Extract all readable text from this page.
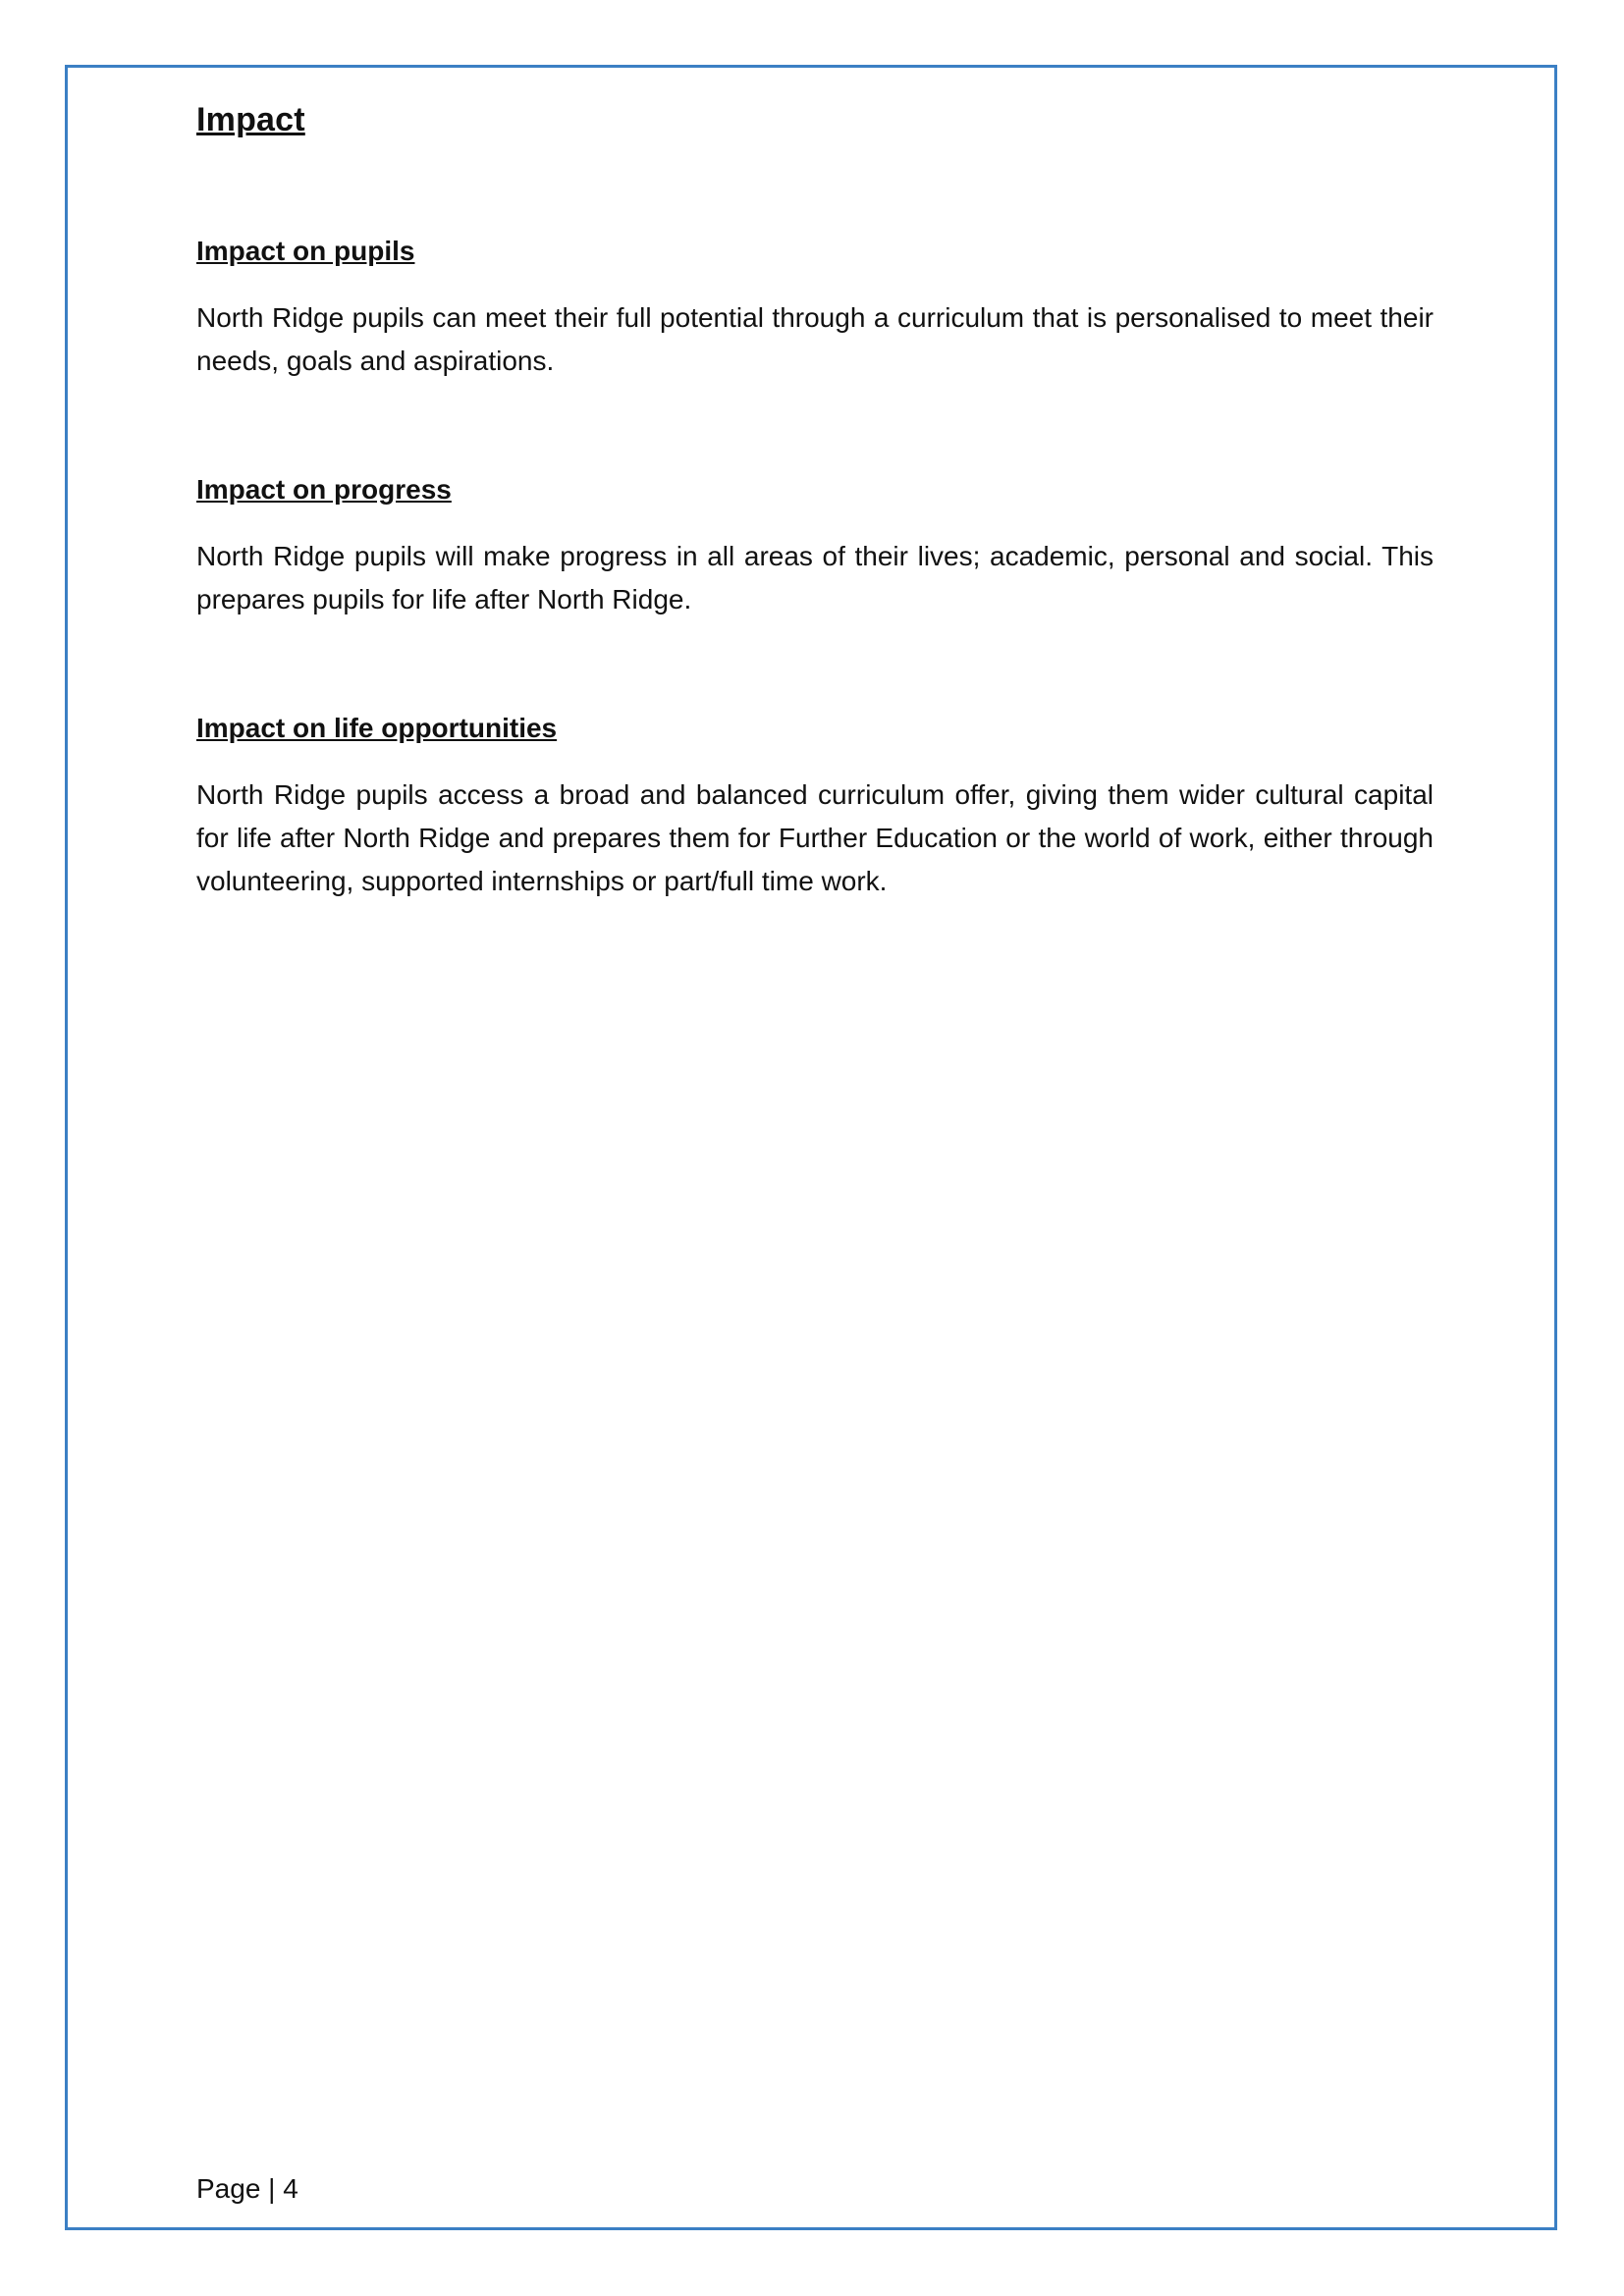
Impact
Impact on pupils

North Ridge pupils can meet their full potential through a curriculum that is personalised to meet their needs, goals and aspirations.

Impact on progress

North Ridge pupils will make progress in all areas of their lives; academic, personal and social. This prepares pupils for life after North Ridge.

Impact on life opportunities

North Ridge pupils access a broad and balanced curriculum offer, giving them wider cultural capital for life after North Ridge and prepares them for Further Education or the world of work, either through volunteering, supported internships or part/full time work.

Page | 4
